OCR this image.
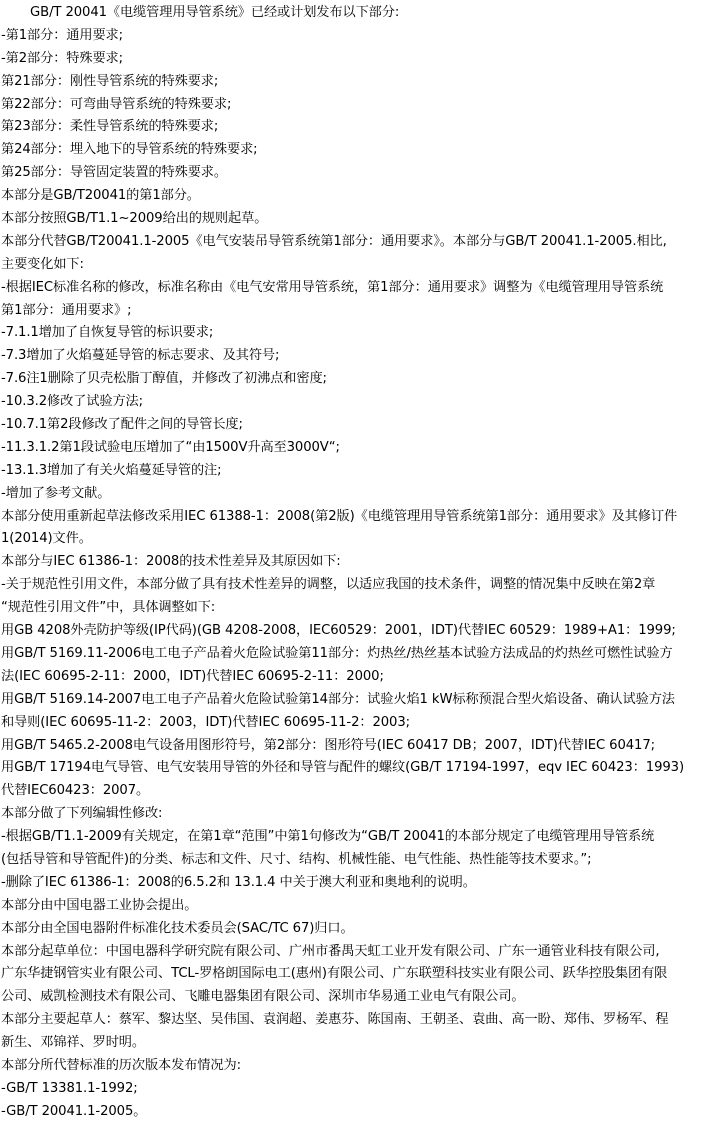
GB/T 20041《电缆管理用导管系统》已经或计划发布以下部分:
-第1部分：通用要求;
-第2部分：特殊要求;
第21部分：刚性导管系统的特殊要求;
第22部分：可弯曲导管系统的特殊要求;
第23部分：柔性导管系统的特殊要求;
第24部分：埋入地下的导管系统的特殊要求;
第25部分：导管固定装置的特殊要求。
本部分是GB/T20041的第1部分。
本部分按照GB/T1.1~2009给出的规则起草。
本部分代替GB/T20041.1-2005《电气安装吊导管系统第1部分：通用要求》。本部分与GB/T 20041.1-2005.相比,
主要变化如下:
-根据IEC标准名称的修改，标准名称由《电气安常用导管系统，第1部分：通用要求》调整为《电缆管理用导管系统
第1部分：通用要求》;
-7.1.1增加了自恢复导管的标识要求;
-7.3增加了火焰蔓延导管的标志要求、及其符号;
-7.6注1删除了贝壳松脂丁醇值，并修改了初沸点和密度;
-10.3.2修改了试验方法;
-10.7.1第2段修改了配件之间的导管长度;
-11.3.1.2第1段试验电压增加了“由1500V升高至3000V“;
-13.1.3增加了有关火焰蔓延导管的注;
-增加了参考文献。
本部分使用重新起草法修改采用IEC 61388-1：2008(第2版)《电缆管理用导管系统第1部分：通用要求》及其修订件
1(2014)文件。
本部分与IEC 61386-1：2008的技术性差异及其原因如下:
-关于规范性引用文件，本部分做了具有技术性差异的调整，以适应我国的技术条件，调整的情况集中反映在第2章
“规范性引用文件”中，具体调整如下:
用GB 4208外壳防护等级(IP代码)(GB 4208-2008，IEC60529：2001，IDT)代替IEC 60529：1989+A1：1999;
用GB/T 5169.11-2006电工电子产品着火危险试验第11部分：灼热丝/热丝基本试验方法成品的灼热丝可燃性试验方
法(IEC 60695-2-11：2000，IDT)代替IEC 60695-2-11：2000;
用GB/T 5169.14-2007电工电子产品着火危险试验第14部分：试验火焰1 kW标称预混合型火焰设备、确认试验方法
和导则(IEC 60695-11-2：2003，IDT)代替IEC 60695-11-2：2003;
用GB/T 5465.2-2008电气设备用图形符号，第2部分：图形符号(IEC 60417 DB；2007，IDT)代替IEC 60417;
用GB/T 17194电气导管、电气安装用导管的外径和导管与配件的螺纹(GB/T 17194-1997，eqv IEC 60423：1993)
代替IEC60423：2007。
本部分做了下列编辑性修改:
-根据GB/T1.1-2009有关规定，在第1章“范围”中第1句修改为“GB/T 20041的本部分规定了电缆管理用导管系统
(包括导管和导管配件)的分类、标志和文件、尺寸、结构、机械性能、电气性能、热性能等技术要求。”;
-删除了IEC 61386-1：2008的6.5.2和 13.1.4 中关于澳大利亚和奥地利的说明。
本部分由中国电器工业协会提出。
本部分由全国电器附件标准化技术委员会(SAC/TC 67)归口。
本部分起草单位：中国电器科学研究院有限公司、广州市番禺天虹工业开发有限公司、广东一通管业科技有限公司,
广东华捷钢管实业有限公司、TCL-罗格朗国际电工(惠州)有限公司、广东联塑科技实业有限公司、跃华控股集团有限
公司、威凯检测技术有限公司、飞雕电器集团有限公司、深圳市华易通工业电气有限公司。
本部分主要起草人：蔡军、黎达坚、吴伟国、袁润超、姜惠芬、陈国南、王朝圣、袁曲、高一盼、郑伟、罗杨军、程
新生、邓锦祥、罗时明。
本部分所代替标准的历次版本发布情况为:
-GB/T 13381.1-1992;
-GB/T 20041.1-2005。
